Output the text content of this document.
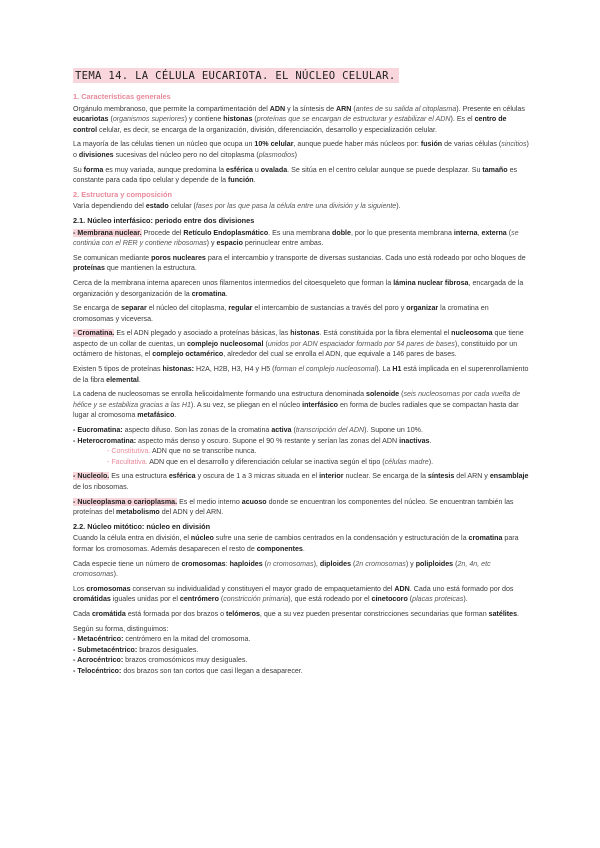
TEMA 14. LA CÉLULA EUCARIOTA. EL NÚCLEO CELULAR.
1. Características generales

Orgánulo membranoso, que permite la compartimentación del ADN y la síntesis de ARN (antes de su salida al citoplasma). Presente en células eucariotas (organismos superiores) y contiene histonas (proteínas que se encargan de estructurar y estabilizar el ADN). Es el centro de control celular, es decir, se encarga de la organización, división, diferenciación, desarrollo y especialización celular.

La mayoría de las células tienen un núcleo que ocupa un 10% celular, aunque puede haber más núcleos por: fusión de varias células (sincitios) o divisiones sucesivas del núcleo pero no del citoplasma (plasmodios)

Su forma es muy variada, aunque predomina la esférica u ovalada. Se sitúa en el centro celular aunque se puede desplazar. Su tamaño es constante para cada tipo celular y depende de la función.

2. Estructura y composición

Varía dependiendo del estado celular (fases por las que pasa la célula entre una división y la siguiente).

2.1. Núcleo interfásico: periodo entre dos divisiones

- Membrana nuclear. Procede del Retículo Endoplasmático. Es una membrana doble, por lo que presenta membrana interna, externa (se continúa con el RER y contiene ribosomas) y espacio perinuclear entre ambas.

Se comunican mediante poros nucleares para el intercambio y transporte de diversas sustancias. Cada uno está rodeado por ocho bloques de proteínas que mantienen la estructura.

Cerca de la membrana interna aparecen unos filamentos intermedios del citoesqueleto que forman la lámina nuclear fibrosa, encargada de la organización y desorganización de la cromatina.

Se encarga de separar el núcleo del citoplasma, regular el intercambio de sustancias a través del poro y organizar la cromatina en cromosomas y viceversa.

- Cromatina. Es el ADN plegado y asociado a proteínas básicas, las histonas. Está constituida por la fibra elemental el nucleosoma que tiene aspecto de un collar de cuentas, un complejo nucleosomal (unidos por ADN espaciador formado por 54 pares de bases), constituido por un octámero de histonas, el complejo octamérico, alrededor del cual se enrolla el ADN, que equivale a 146 pares de bases.

Existen 5 tipos de proteínas histonas: H2A, H2B, H3, H4 y H5 (forman el complejo nucleosomal). La H1 está implicada en el superenrollamiento de la fibra elemental.

La cadena de nucleosomas se enrolla helicoidalmente formando una estructura denominada solenoide (seis nucleosomas por cada vuelta de hélice y se estabiliza gracias a las H1). A su vez, se pliegan en el núcleo interfásico en forma de bucles radiales que se compactan hasta dar lugar al cromosoma metafásico.

- Eucromatina: aspecto difuso. Son las zonas de la cromatina activa (transcripción del ADN). Supone un 10%.

- Heterocromatina: aspecto más denso y oscuro. Supone el 90 % restante y serían las zonas del ADN inactivas.

- Constitutiva. ADN que no se transcribe nunca.

- Facultativa. ADN que en el desarrollo y diferenciación celular se inactiva según el tipo (células madre).

- Nucleolo. Es una estructura esférica y oscura de 1 a 3 micras situada en el interior nuclear. Se encarga de la síntesis del ARN y ensamblaje de los ribosomas.

- Nucleoplasma o carioplasma. Es el medio interno acuoso donde se encuentran los componentes del núcleo. Se encuentran también las proteínas del metabolismo del ADN y del ARN.

2.2. Núcleo mitótico: núcleo en división

Cuando la célula entra en división, el núcleo sufre una serie de cambios centrados en la condensación y estructuración de la cromatina para formar los cromosomas. Además desaparecen el resto de componentes.

Cada especie tiene un número de cromosomas: haploides (n cromosomas), diploides (2n cromosomas) y poliploides (2n, 4n, etc cromosomas).

Los cromosomas conservan su individualidad y constituyen el mayor grado de empaquetamiento del ADN. Cada uno está formado por dos cromátidas iguales unidas por el centrómero (constricción primaria), que está rodeado por el cinetocoro (placas proteicas).

Cada cromátida está formada por dos brazos o telómeros, que a su vez pueden presentar constricciones secundarias que forman satélites.

Según su forma, distinguimos:

- Metacéntrico: centrómero en la mitad del cromosoma.

- Submetacéntrico: brazos desiguales.

- Acrocéntrico: brazos cromosómicos muy desiguales.

- Telocéntrico: dos brazos son tan cortos que casi llegan a desaparecer.
